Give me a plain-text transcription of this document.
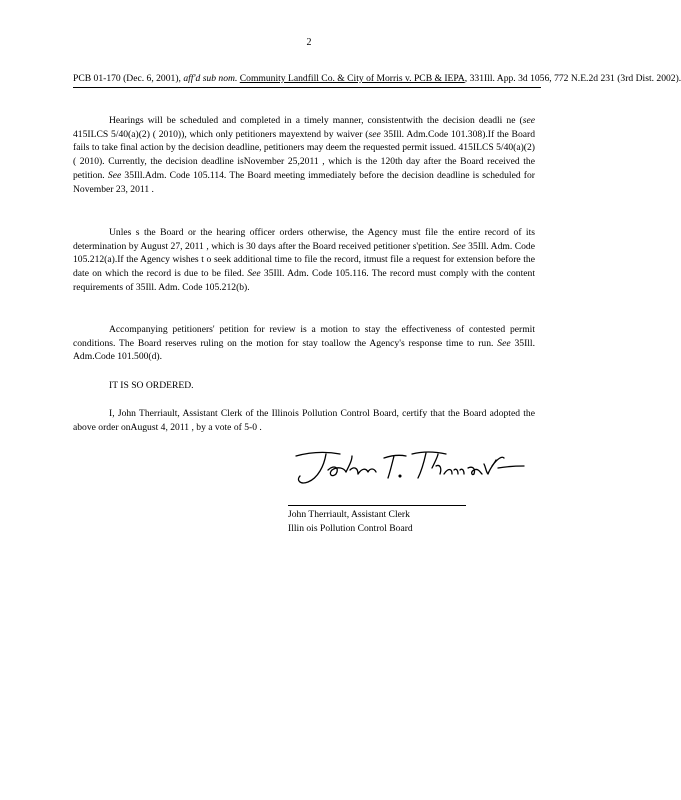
2

PCB 01-170 (Dec. 6, 2001), aff'd sub nom. Community Landfill Co. & City of Morris v. PCB & IEPA, 331Ill. App. 3d 1056, 772 N.E.2d 231 (3rd Dist. 2002).

Hearings will be scheduled and completed in a timely manner, consistentwith the decision deadli ne (see 415ILCS 5/40(a)(2) ( 2010)), which only petitioners mayextend by waiver (see 35Ill. Adm.Code 101.308).If the Board fails to take final action by the decision deadline, petitioners may deem the requested permit issued. 415ILCS 5/40(a)(2) ( 2010). Currently, the decision deadline isNovember 25,2011 , which is the 120th day after the Board received the petition. See 35Ill.Adm. Code 105.114. The Board meeting immediately before the decision deadline is scheduled for November 23, 2011 .

Unles s the Board or the hearing officer orders otherwise, the Agency must file the entire record of its determination by August 27, 2011 , which is 30 days after the Board received petitioner s'petition. See 35Ill. Adm. Code 105.212(a).If the Agency wishes t o seek additional time to file the record, itmust file a request for extension before the date on which the record is due to be filed. See 35Ill. Adm. Code 105.116. The record must comply with the content requirements of 35Ill. Adm. Code 105.212(b).

Accompanying petitioners' petition for review is a motion to stay the effectiveness of contested permit conditions. The Board reserves ruling on the motion for stay toallow the Agency's response time to run. See 35Ill. Adm.Code 101.500(d).

IT IS SO ORDERED.

I, John Therriault, Assistant Clerk of the Illinois Pollution Control Board, certify that the Board adopted the above order onAugust 4, 2011 , by a vote of 5-0 .

John Therriault, Assistant Clerk
Illin ois Pollution Control Board
